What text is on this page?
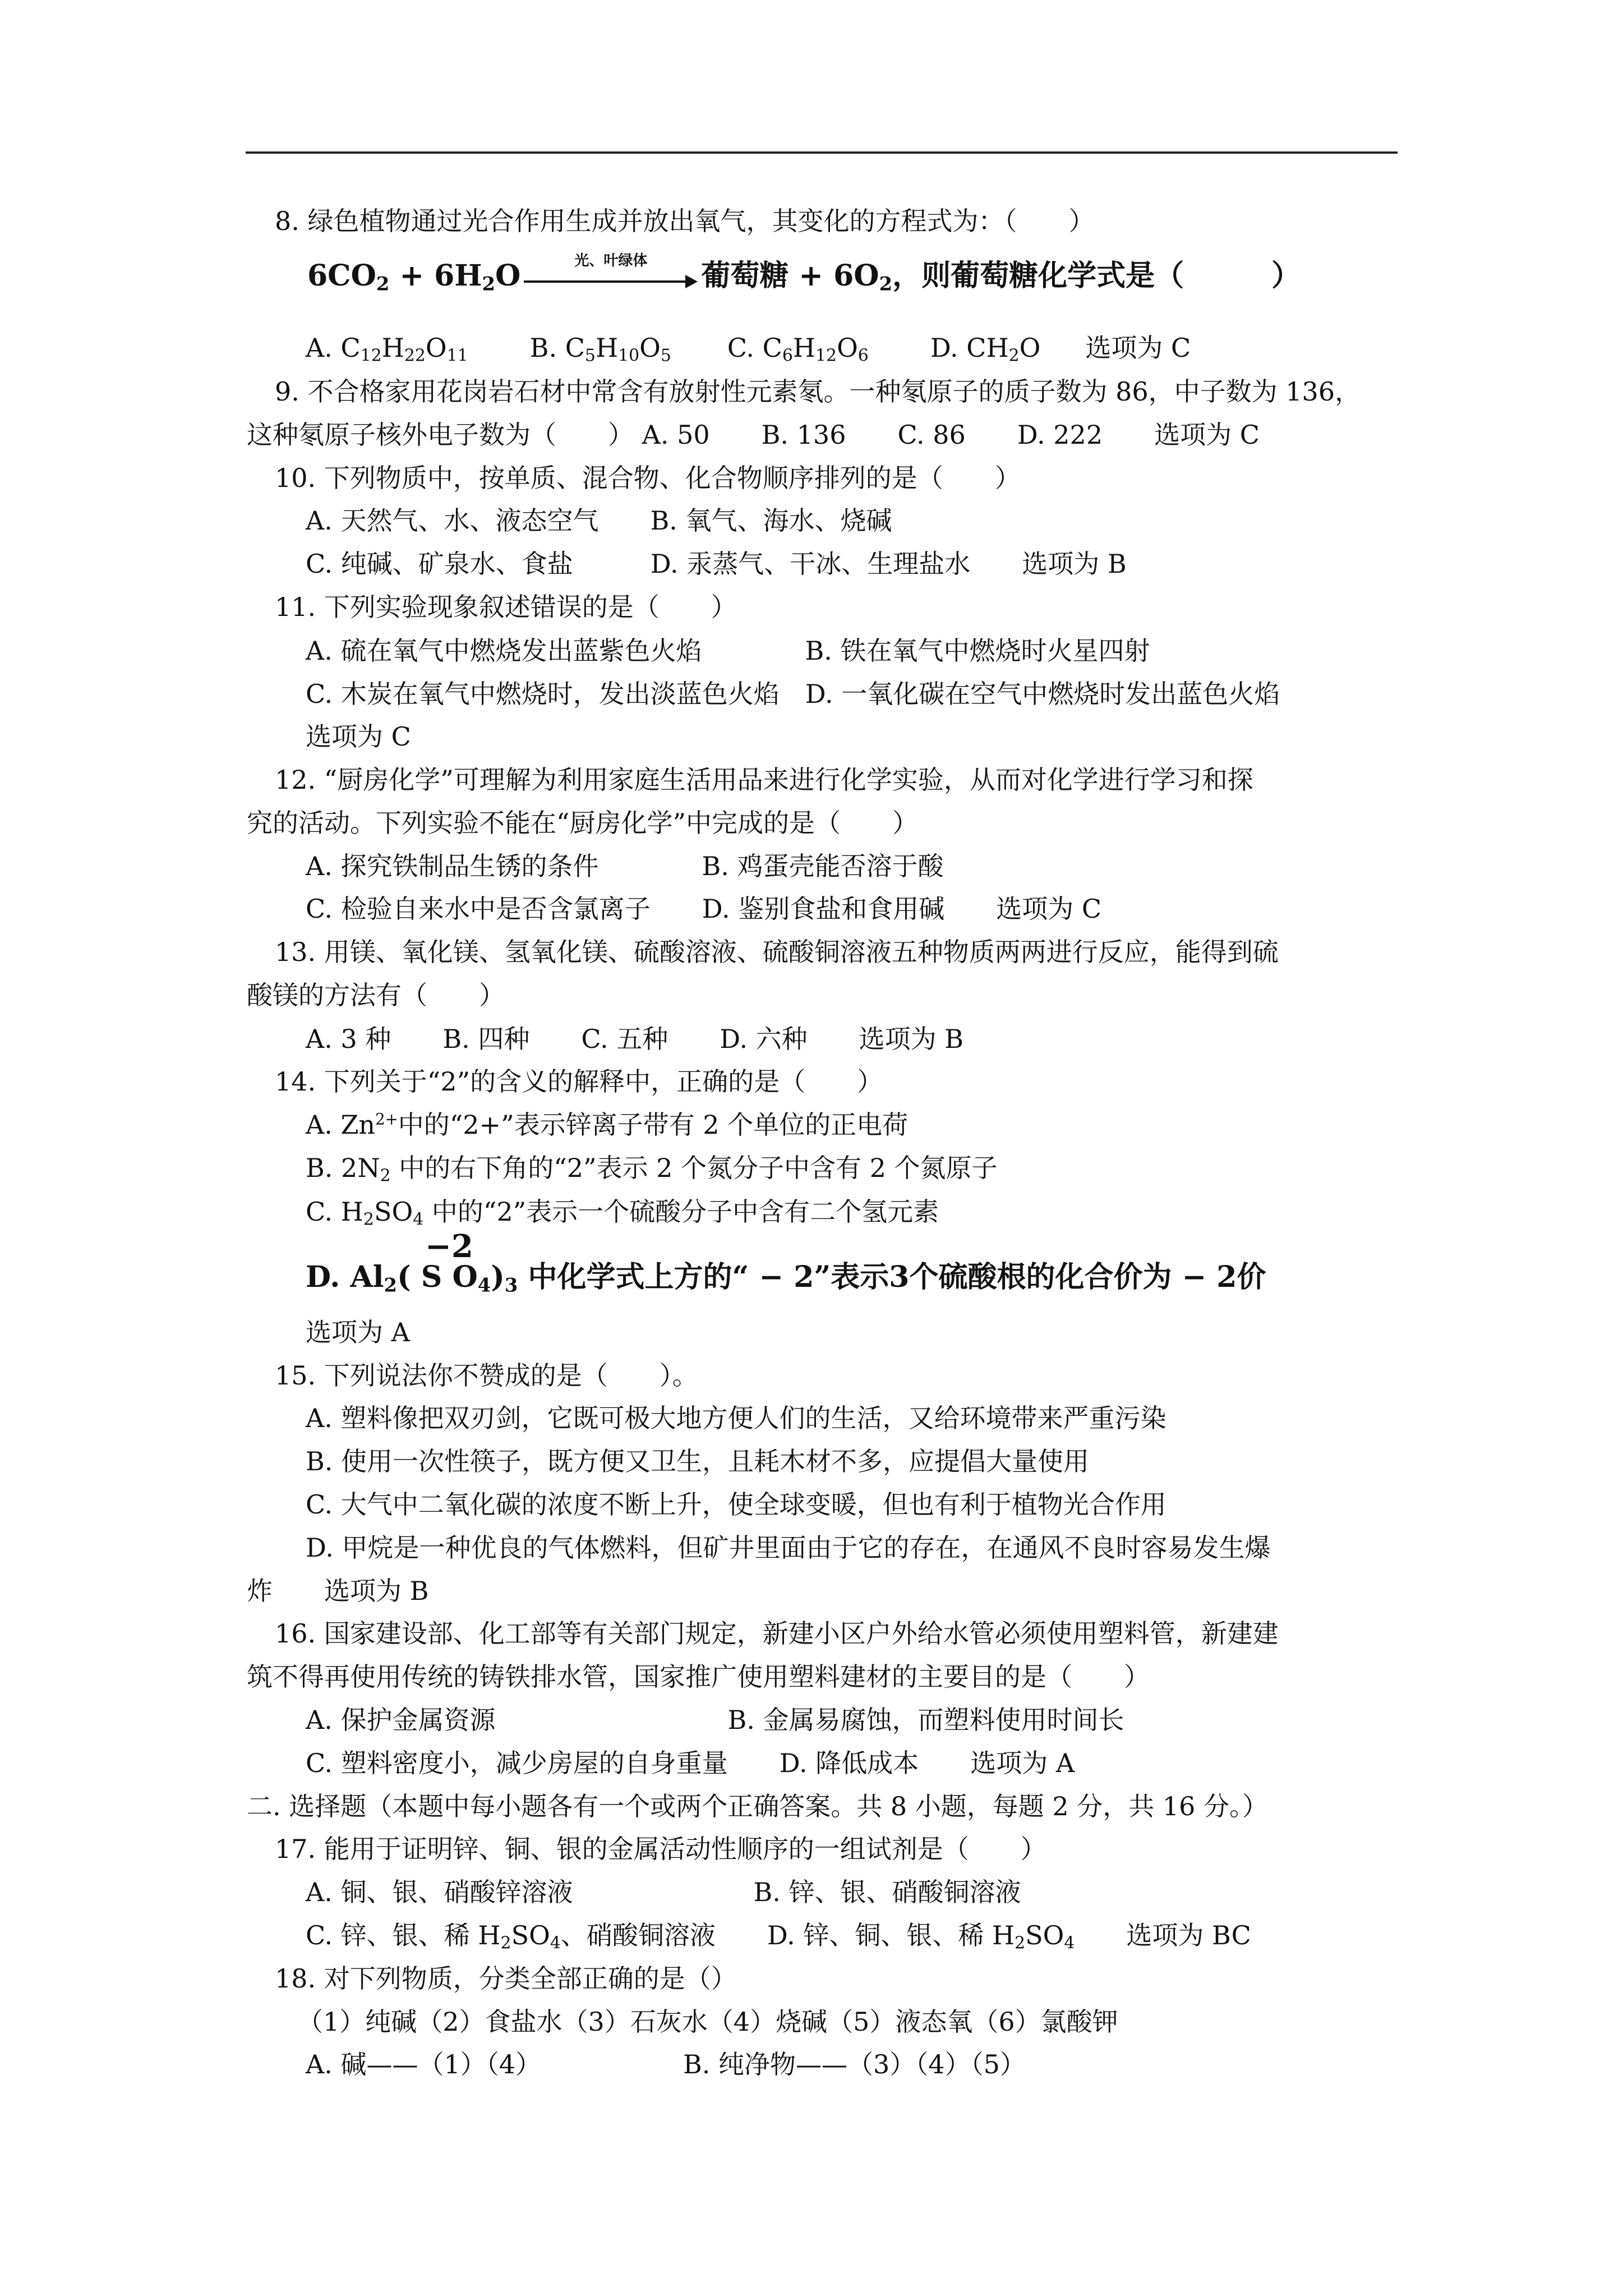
8. 绿色植物通过光合作用生成并放出氧气，其变化的方程式为：（　　）
$6CO_2 + 6H_2O$	光、叶绿体	葡萄糖 + $6O_2$，则葡萄糖化学式是（　　　）
A. $C_{12}H_{22}O_{11}$ B. $C_5H_{10}O_5$ C. $C_6H_{12}O_6$ D. $CH_2O$ 选项为 C
9. 不合格家用花岗岩石材中常含有放射性元素氡。一种氡原子的质子数为 86，中子数为 136，
这种氡原子核外电子数为（　　） A. 50　　B. 136　　C. 86　　D. 222　　选项为 C
10. 下列物质中，按单质、混合物、化合物顺序排列的是（　　）
A. 天然气、水、液态空气　　B. 氧气、海水、烧碱
C. 纯碱、矿泉水、食盐　　　D. 汞蒸气、干冰、生理盐水　　选项为 B
11. 下列实验现象叙述错误的是（　　）
A. 硫在氧气中燃烧发出蓝紫色火焰　　　　B. 铁在氧气中燃烧时火星四射
C. 木炭在氧气中燃烧时，发出淡蓝色火焰　D. 一氧化碳在空气中燃烧时发出蓝色火焰
选项为 C
12. “厨房化学”可理解为利用家庭生活用品来进行化学实验，从而对化学进行学习和探
究的活动。下列实验不能在“厨房化学”中完成的是（　　）
A. 探究铁制品生锈的条件　　　　B. 鸡蛋壳能否溶于酸
C. 检验自来水中是否含氯离子　　D. 鉴别食盐和食用碱　　选项为 C
13. 用镁、氧化镁、氢氧化镁、硫酸溶液、硫酸铜溶液五种物质两两进行反应，能得到硫
酸镁的方法有（　　）
A. 3 种　　B. 四种　　C. 五种　　D. 六种　　选项为 B
14. 下列关于“2”的含义的解释中，正确的是（　　）
A. $Zn^{2+}$中的“2+”表示锌离子带有 2 个单位的正电荷
B. $2N_2$ 中的右下角的“2”表示 2 个氮分子中含有 2 个氮原子
C. $H_2SO_4$ 中的“2”表示一个硫酸分子中含有二个氢元素
−2
D. $Al_2$( S $O_4)_3$ 中化学式上方的“ − 2”表示3个硫酸根的化合价为 − 2价
选项为 A
15. 下列说法你不赞成的是（　　）。
A. 塑料像把双刃剑，它既可极大地方便人们的生活，又给环境带来严重污染
B. 使用一次性筷子，既方便又卫生，且耗木材不多，应提倡大量使用
C. 大气中二氧化碳的浓度不断上升，使全球变暖，但也有利于植物光合作用
D. 甲烷是一种优良的气体燃料，但矿井里面由于它的存在，在通风不良时容易发生爆
炸　　选项为 B
16. 国家建设部、化工部等有关部门规定，新建小区户外给水管必须使用塑料管，新建建
筑不得再使用传统的铸铁排水管，国家推广使用塑料建材的主要目的是（　　）
A. 保护金属资源　　　　　　　　　B. 金属易腐蚀，而塑料使用时间长
C. 塑料密度小，减少房屋的自身重量　　D. 降低成本　　选项为 A
二. 选择题（本题中每小题各有一个或两个正确答案。共 8 小题，每题 2 分，共 16 分。）
17. 能用于证明锌、铜、银的金属活动性顺序的一组试剂是（　　）
A. 铜、银、硝酸锌溶液　　　　　　　B. 锌、银、硝酸铜溶液
C. 锌、银、稀 $H_2SO_4$、硝酸铜溶液　　D. 锌、铜、银、稀 $H_2SO_4$　　选项为 BC
18. 对下列物质，分类全部正确的是（）
（1）纯碱（2）食盐水（3）石灰水（4）烧碱（5）液态氧（6）氯酸钾
A. 碱——（1）（4）　　　　　　B. 纯净物——（3）（4）（5）
